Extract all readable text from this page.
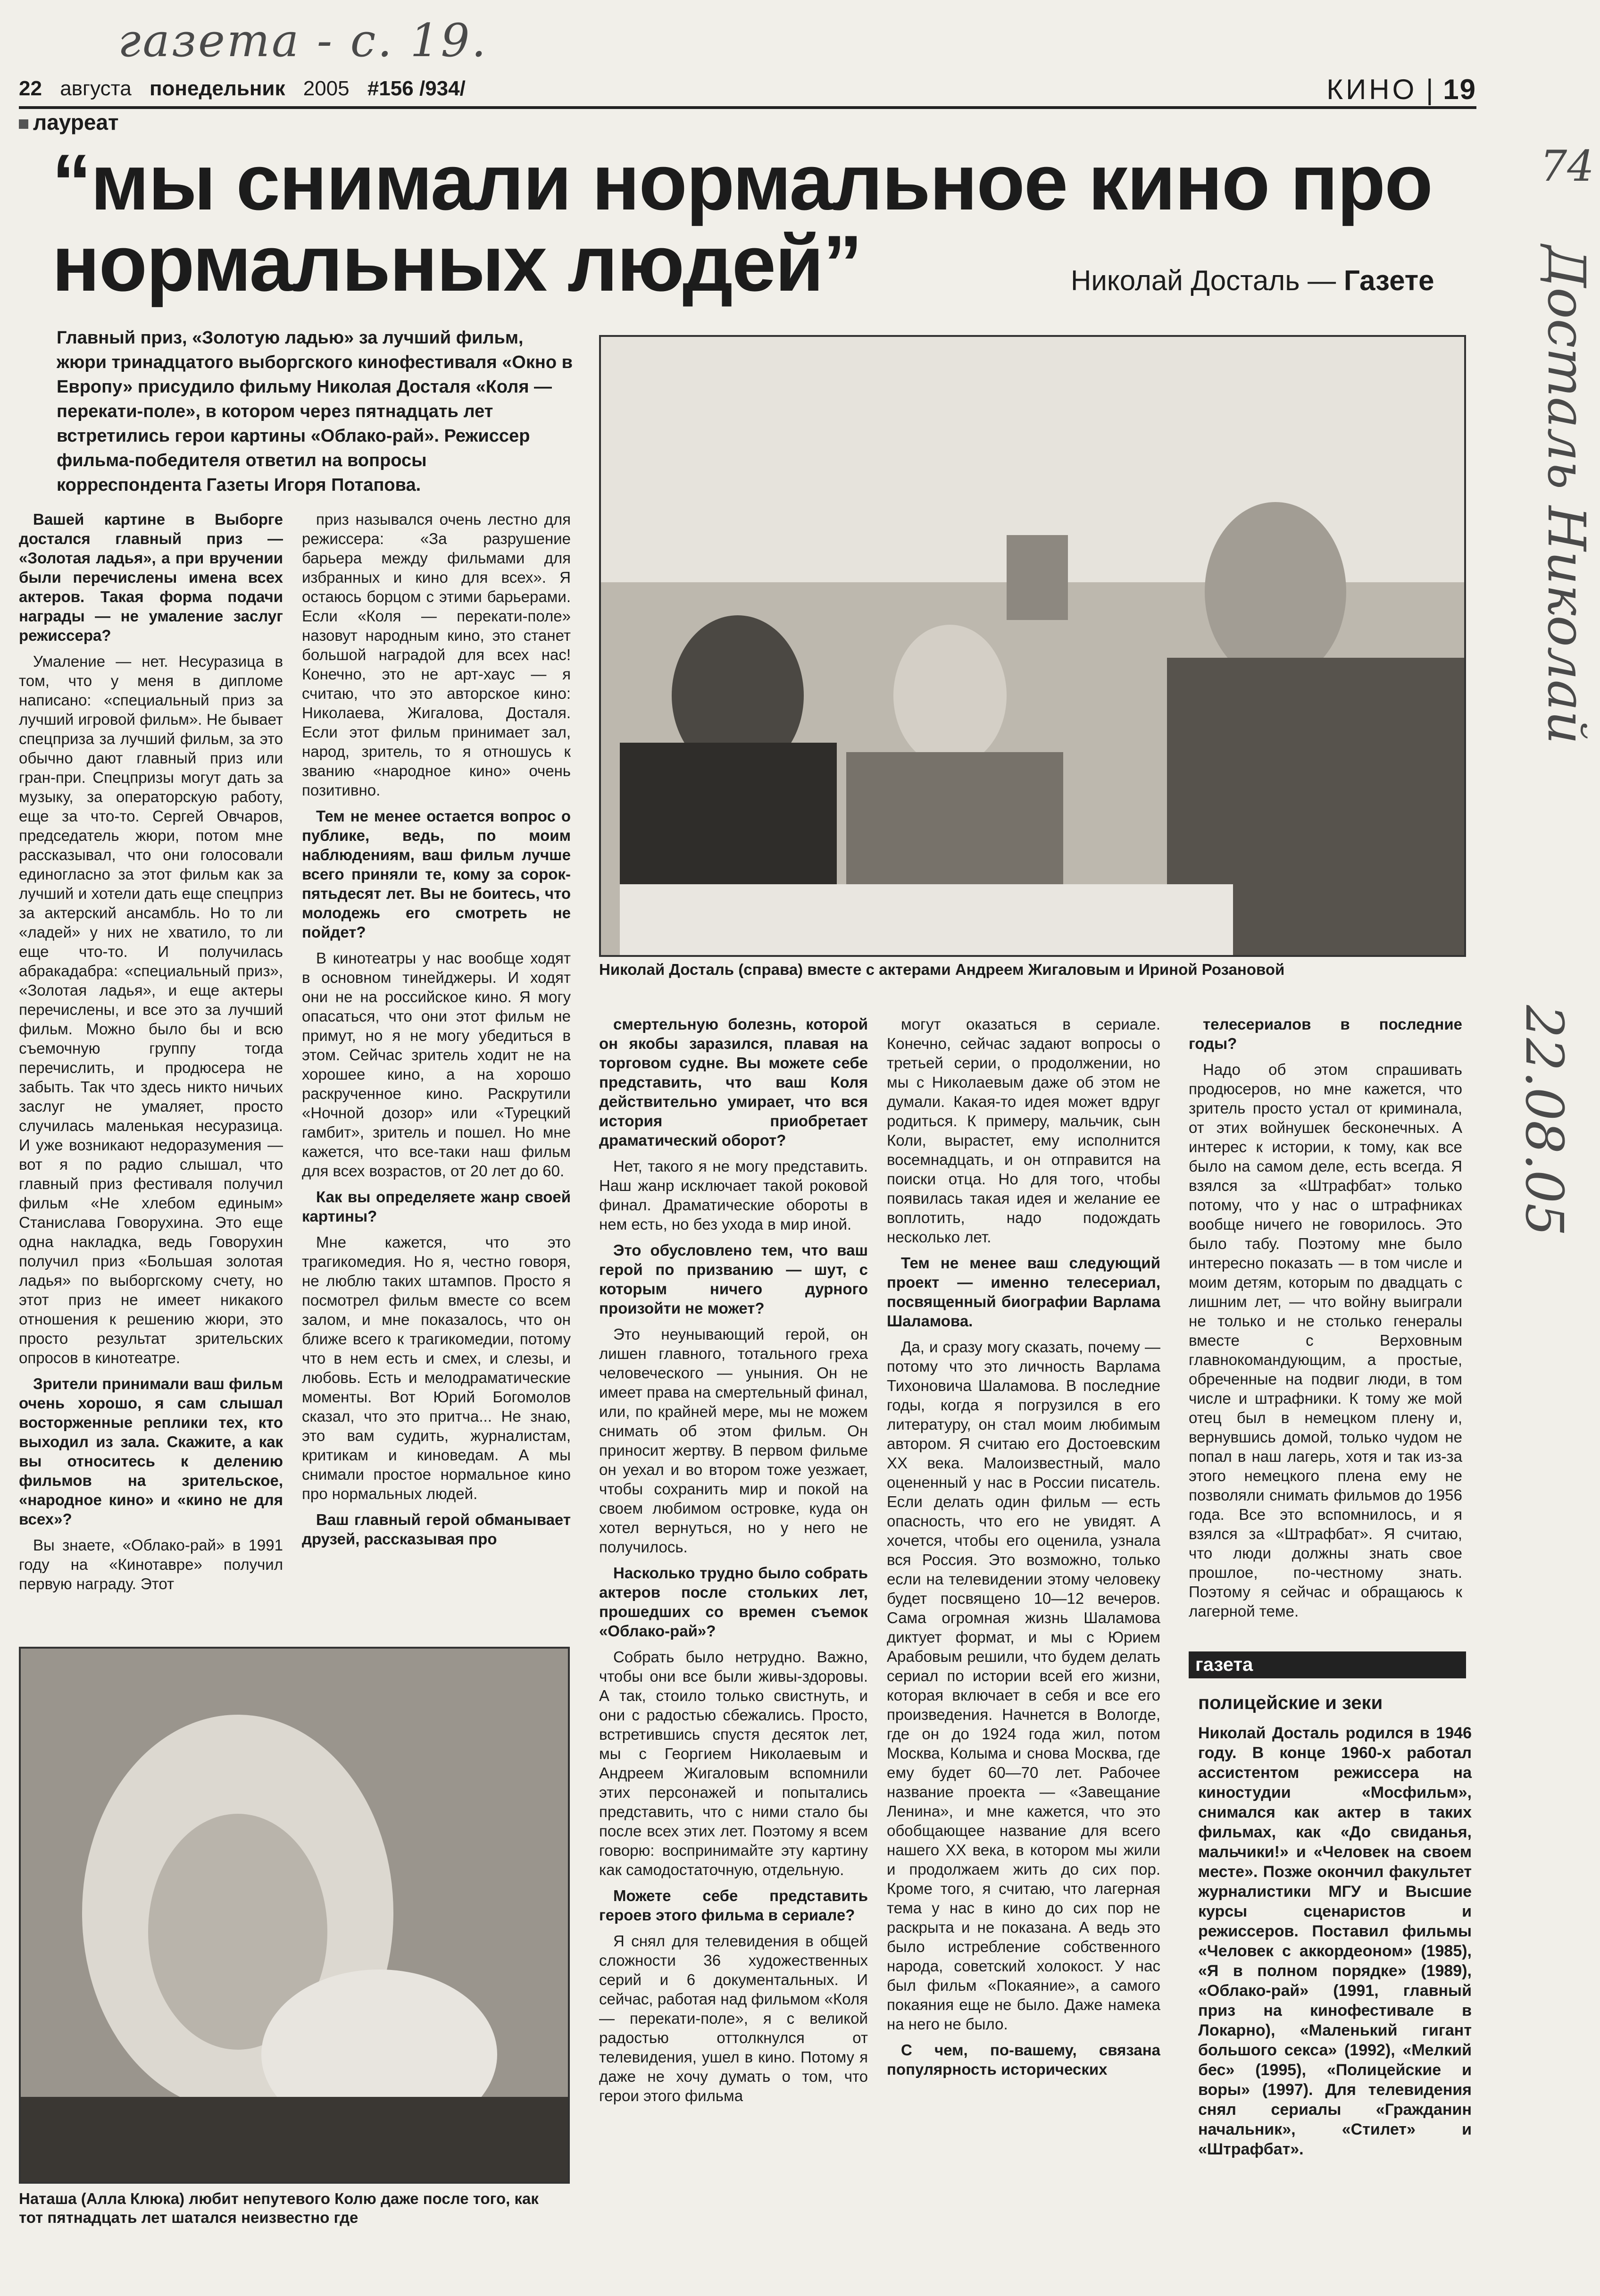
газета - с. 19.
74
Досталь Николай
22.08.05
22 августа понедельник 2005 #156 /934/	КИНО | 19
лауреат
“мы снимали нормальное кино про нормальных людей”	Николай Досталь — Газете
Главный приз, «Золотую ладью» за лучший фильм, жюри тринадцатого выборгского кинофестиваля «Окно в Европу» присудило фильму Николая Досталя «Коля — перекати-поле», в котором через пятнадцать лет встретились герои картины «Облако-рай». Режиссер фильма-победителя ответил на вопросы корреспондента Газеты Игоря Потапова.
Николай Досталь (справа) вместе с актерами Андреем Жигаловым и Ириной Розановой

Вашей картине в Выборге достался главный приз — «Золотая ладья», а при вручении были перечислены имена всех актеров. Такая форма подачи награды — не умаление заслуг режиссера?

Умаление — нет. Несуразица в том, что у меня в дипломе написано: «специальный приз за лучший игровой фильм». Не бывает спецприза за лучший фильм, за это обычно дают главный приз или гран-при. Спецпризы могут дать за музыку, за операторскую работу, еще за что-то. Сергей Овчаров, председатель жюри, потом мне рассказывал, что они голосовали единогласно за этот фильм как за лучший и хотели дать еще спецприз за актерский ансамбль. Но то ли «ладей» у них не хватило, то ли еще что-то. И получилась абракадабра: «специальный приз», «Золотая ладья», и еще актеры перечислены, и все это за лучший фильм. Можно было бы и всю съемочную группу тогда перечислить, и продюсера не забыть. Так что здесь никто ничьих заслуг не умаляет, просто случилась маленькая несуразица. И уже возникают недоразумения — вот я по радио слышал, что главный приз фестиваля получил фильм «Не хлебом единым» Станислава Говорухина. Это еще одна накладка, ведь Говорухин получил приз «Большая золотая ладья» по выборгскому счету, но этот приз не имеет никакого отношения к решению жюри, это просто результат зрительских опросов в кинотеатре.

Зрители принимали ваш фильм очень хорошо, я сам слышал восторженные реплики тех, кто выходил из зала. Скажите, а как вы относитесь к делению фильмов на зрительское, «народное кино» и «кино не для всех»?

Вы знаете, «Облако-рай» в 1991 году на «Кинотавре» получил первую награду. Этот

приз назывался очень лестно для режиссера: «За разрушение барьера между фильмами для избранных и кино для всех». Я остаюсь борцом с этими барьерами. Если «Коля — перекати-поле» назовут народным кино, это станет большой наградой для всех нас! Конечно, это не арт-хаус — я считаю, что это авторское кино: Николаева, Жигалова, Досталя. Если этот фильм принимает зал, народ, зритель, то я отношусь к званию «народное кино» очень позитивно.

Тем не менее остается вопрос о публике, ведь, по моим наблюдениям, ваш фильм лучше всего приняли те, кому за сорок-пятьдесят лет. Вы не боитесь, что молодежь его смотреть не пойдет?

В кинотеатры у нас вообще ходят в основном тинейджеры. И ходят они не на российское кино. Я могу опасаться, что они этот фильм не примут, но я не могу убедиться в этом. Сейчас зритель ходит не на хорошее кино, а на хорошо раскрученное кино. Раскрутили «Ночной дозор» или «Турецкий гамбит», зритель и пошел. Но мне кажется, что все-таки наш фильм для всех возрастов, от 20 лет до 60.

Как вы определяете жанр своей картины?

Мне кажется, что это трагикомедия. Но я, честно говоря, не люблю таких штампов. Просто я посмотрел фильм вместе со всем залом, и мне показалось, что он ближе всего к трагикомедии, потому что в нем есть и смех, и слезы, и любовь. Есть и мелодраматические моменты. Вот Юрий Богомолов сказал, что это притча... Не знаю, это вам судить, журналистам, критикам и киноведам. А мы снимали простое нормальное кино про нормальных людей.

Ваш главный герой обманывает друзей, рассказывая про

смертельную болезнь, которой он якобы заразился, плавая на торговом судне. Вы можете себе представить, что ваш Коля действительно умирает, что вся история приобретает драматический оборот?

Нет, такого я не могу представить. Наш жанр исключает такой роковой финал. Драматические обороты в нем есть, но без ухода в мир иной.

Это обусловлено тем, что ваш герой по призванию — шут, с которым ничего дурного произойти не может?

Это неунывающий герой, он лишен главного, тотального греха человеческого — уныния. Он не имеет права на смертельный финал, или, по крайней мере, мы не можем снимать об этом фильм. Он приносит жертву. В первом фильме он уехал и во втором тоже уезжает, чтобы сохранить мир и покой на своем любимом островке, куда он хотел вернуться, но у него не получилось.

Насколько трудно было собрать актеров после стольких лет, прошедших со времен съемок «Облако-рай»?

Собрать было нетрудно. Важно, чтобы они все были живы-здоровы. А так, стоило только свистнуть, и они с радостью сбежались. Просто, встретившись спустя десяток лет, мы с Георгием Николаевым и Андреем Жигаловым вспомнили этих персонажей и попытались представить, что с ними стало бы после всех этих лет. Поэтому я всем говорю: воспринимайте эту картину как самодостаточную, отдельную.

Можете себе представить героев этого фильма в сериале?

Я снял для телевидения в общей сложности 36 художественных серий и 6 документальных. И сейчас, работая над фильмом «Коля — перекати-поле», я с великой радостью оттолкнулся от телевидения, ушел в кино. Потому я даже не хочу думать о том, что герои этого фильма

могут оказаться в сериале. Конечно, сейчас задают вопросы о третьей серии, о продолжении, но мы с Николаевым даже об этом не думали. Какая-то идея может вдруг родиться. К примеру, мальчик, сын Коли, вырастет, ему исполнится восемнадцать, и он отправится на поиски отца. Но для того, чтобы появилась такая идея и желание ее воплотить, надо подождать несколько лет.

Тем не менее ваш следующий проект — именно телесериал, посвященный биографии Варлама Шаламова.

Да, и сразу могу сказать, почему — потому что это личность Варлама Тихоновича Шаламова. В последние годы, когда я погрузился в его литературу, он стал моим любимым автором. Я считаю его Достоевским XX века. Малоизвестный, мало оцененный у нас в России писатель. Если делать один фильм — есть опасность, что его не увидят. А хочется, чтобы его оценила, узнала вся Россия. Это возможно, только если на телевидении этому человеку будет посвящено 10—12 вечеров. Сама огромная жизнь Шаламова диктует формат, и мы с Юрием Арабовым решили, что будем делать сериал по истории всей его жизни, которая включает в себя и все его произведения. Начнется в Вологде, где он до 1924 года жил, потом Москва, Колыма и снова Москва, где ему будет 60—70 лет. Рабочее название проекта — «Завещание Ленина», и мне кажется, что это обобщающее название для всего нашего XX века, в котором мы жили и продолжаем жить до сих пор. Кроме того, я считаю, что лагерная тема у нас в кино до сих пор не раскрыта и не показана. А ведь это было истребление собственного народа, советский холокост. У нас был фильм «Покаяние», а самого покаяния еще не было. Даже намека на него не было.

С чем, по-вашему, связана популярность исторических

телесериалов в последние годы?

Надо об этом спрашивать продюсеров, но мне кажется, что зритель просто устал от криминала, от этих войнушек бесконечных. А интерес к истории, к тому, как все было на самом деле, есть всегда. Я взялся за «Штрафбат» только потому, что у нас о штрафниках вообще ничего не говорилось. Это было табу. Поэтому мне было интересно показать — в том числе и моим детям, которым по двадцать с лишним лет, — что войну выиграли не только и не столько генералы вместе с Верховным главнокомандующим, а простые, обреченные на подвиг люди, в том числе и штрафники. К тому же мой отец был в немецком плену и, вернувшись домой, только чудом не попал в наш лагерь, хотя и так из-за этого немецкого плена ему не позволяли снимать фильмов до 1956 года. Все это вспомнилось, и я взялся за «Штрафбат». Я считаю, что люди должны знать свое прошлое, по-честному знать. Поэтому я сейчас и обращаюсь к лагерной теме.

Наташа (Алла Клюка) любит непутевого Колю даже после того, как тот пятнадцать лет шатался неизвестно где
газета
полицейские и зеки
Николай Досталь родился в 1946 году. В конце 1960-х работал ассистентом режиссера на киностудии «Мосфильм», снимался как актер в таких фильмах, как «До свиданья, мальчики!» и «Человек на своем месте». Позже окончил факультет журналистики МГУ и Высшие курсы сценаристов и режиссеров. Поставил фильмы «Человек с аккордеоном» (1985), «Я в полном порядке» (1989), «Облако-рай» (1991, главный приз на кинофестивале в Локарно), «Маленький гигант большого секса» (1992), «Мелкий бес» (1995), «Полицейские и воры» (1997). Для телевидения снял сериалы «Гражданин начальник», «Стилет» и «Штрафбат».
